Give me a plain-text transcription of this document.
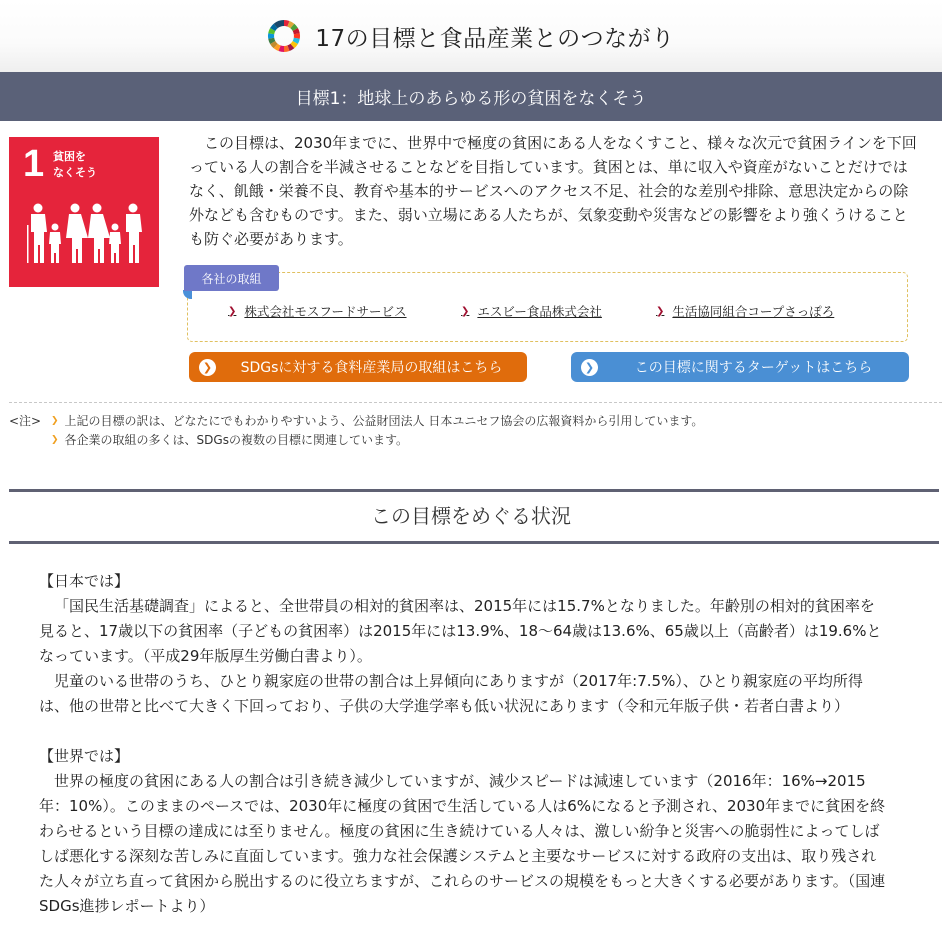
17の目標と食品産業とのつながり
目標1：地球上のあらゆる形の貧困をなくそう
1 貧困を
なくそう
この目標は、2030年までに、世界中で極度の貧困にある人をなくすこと、様々な次元で貧困ラインを下回っている人の割合を半減させることなどを目指しています。貧困とは、単に収入や資産がないことだけではなく、飢餓・栄養不良、教育や基本的サービスへのアクセス不足、社会的な差別や排除、意思決定からの除外なども含むものです。また、弱い立場にある人たちが、気象変動や災害などの影響をより強くうけることも防ぐ必要があります。
各社の取組
❯ 株式会社モスフードサービス	❯ エスビー食品株式会社	❯ 生活協同組合コープさっぽろ
❯	SDGsに対する食料産業局の取組はこちら	❯	この目標に関するターゲットはこちら
<注>	❯ 上記の目標の訳は、どなたにでもわかりやすいよう、公益財団法人 日本ユニセフ協会の広報資料から引用しています。
❯ 各企業の取組の多くは、SDGsの複数の目標に関連しています。
この目標をめぐる状況
【日本では】

「国民生活基礎調査」によると、全世帯員の相対的貧困率は、2015年には15.7%となりました。年齢別の相対的貧困率を見ると、17歳以下の貧困率（子どもの貧困率）は2015年には13.9%、18～64歳は13.6%、65歳以上（高齢者）は19.6%となっています。（平成29年版厚生労働白書より）。

児童のいる世帯のうち、ひとり親家庭の世帯の割合は上昇傾向にありますが（2017年:7.5%）、ひとり親家庭の平均所得は、他の世帯と比べて大きく下回っており、子供の大学進学率も低い状況にあります（令和元年版子供・若者白書より）

【世界では】

世界の極度の貧困にある人の割合は引き続き減少していますが、減少スピードは減速しています（2016年：16%→2015年：10%）。このままのペースでは、2030年に極度の貧困で生活している人は6%になると予測され、2030年までに貧困を終わらせるという目標の達成には至りません。極度の貧困に生き続けている人々は、激しい紛争と災害への脆弱性によってしばしば悪化する深刻な苦しみに直面しています。強力な社会保護システムと主要なサービスに対する政府の支出は、取り残された人々が立ち直って貧困から脱出するのに役立ちますが、これらのサービスの規模をもっと大きくする必要があります。（国連SDGs進捗レポートより）
